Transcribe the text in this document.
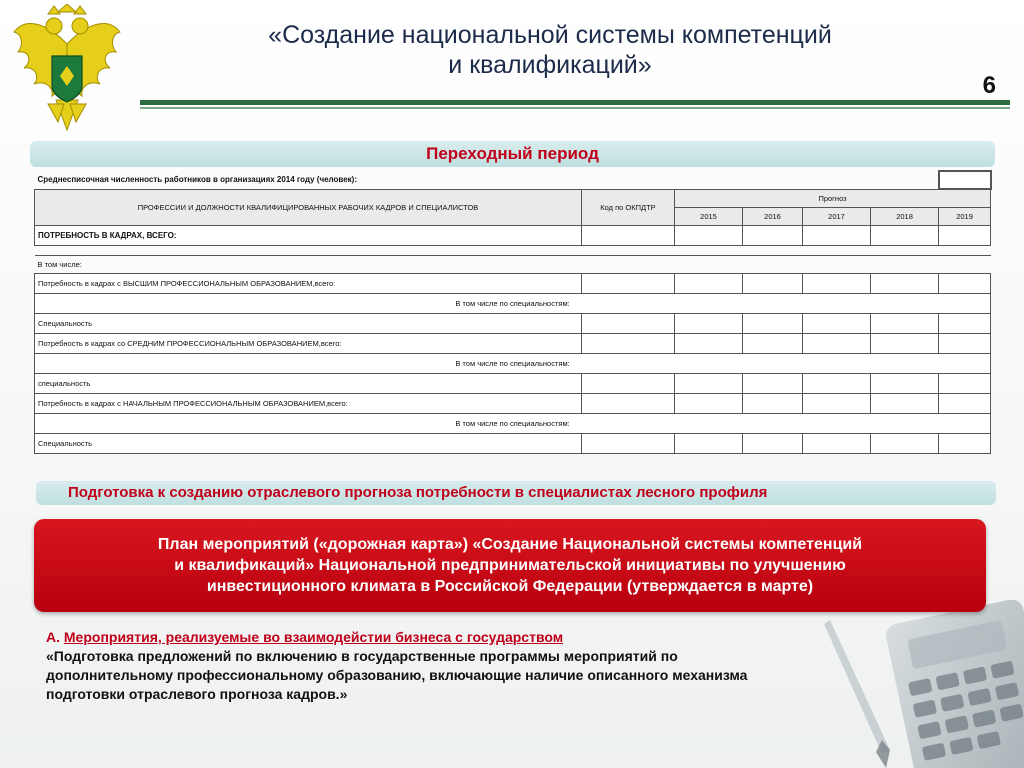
«Создание национальной системы компетенций
и квалификаций»
6
Переходный период
Среднесписочная численность работников в организациях 2014 году (человек):						
ПРОФЕССИИ И ДОЛЖНОСТИ КВАЛИФИЦИРОВАННЫХ РАБОЧИХ КАДРОВ И СПЕЦИАЛИСТОВ	Код по ОКПДТР	Прогноз				
		2015	2016	2017	2018	2019
ПОТРЕБНОСТЬ В КАДРАХ, ВСЕГО:						

В том числе:						
Потребность в кадрах с ВЫСШИМ ПРОФЕССИОНАЛЬНЫМ ОБРАЗОВАНИЕМ,всего:						
В том числе по специальностям:						
Специальность						
Потребность в кадрах со СРЕДНИМ ПРОФЕССИОНАЛЬНЫМ ОБРАЗОВАНИЕМ,всего:						
В том числе по специальностям:						
специальность						
Потребность в кадрах с НАЧАЛЬНЫМ ПРОФЕССИОНАЛЬНЫМ ОБРАЗОВАНИЕМ,всего:						
В том числе по специальностям:						
Специальность						
Подготовка к созданию отраслевого прогноза потребности в специалистах лесного профиля
План мероприятий («дорожная карта») «Создание Национальной системы компетенций
и квалификаций» Национальной предпринимательской инициативы по улучшению
инвестиционного климата в Российской Федерации (утверждается в марте)
А. Мероприятия, реализуемые во взаимодейстии бизнеса с государством
«Подготовка предложений по включению в государственные программы мероприятий по
дополнительному профессиональному образованию, включающие наличие описанного механизма
подготовки отраслевого прогноза кадров.»
